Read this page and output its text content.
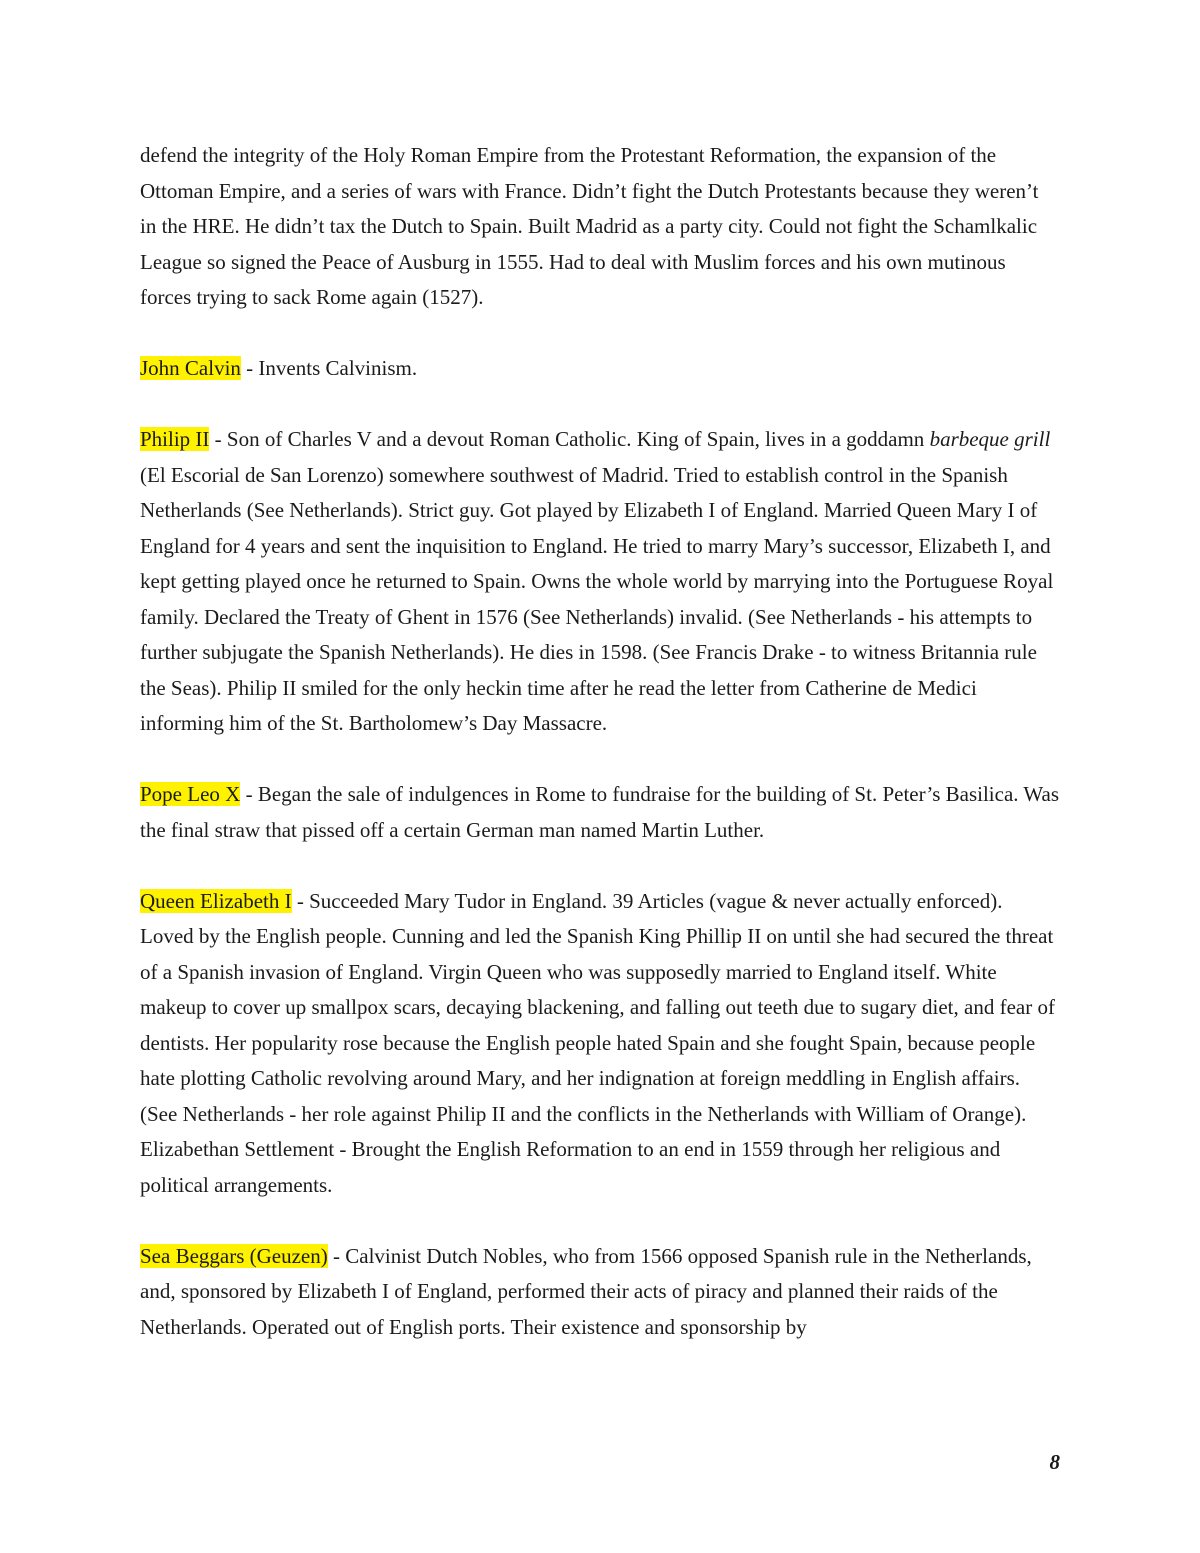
defend the integrity of the Holy Roman Empire from the Protestant Reformation, the expansion of the Ottoman Empire, and a series of wars with France. Didn’t fight the Dutch Protestants because they weren’t in the HRE. He didn’t tax the Dutch to Spain. Built Madrid as a party city. Could not fight the Schamlkalic League so signed the Peace of Ausburg in 1555. Had to deal with Muslim forces and his own mutinous forces trying to sack Rome again (1527).

John Calvin - Invents Calvinism.

Philip II - Son of Charles V and a devout Roman Catholic. King of Spain, lives in a goddamn barbeque grill (El Escorial de San Lorenzo) somewhere southwest of Madrid. Tried to establish control in the Spanish Netherlands (See Netherlands). Strict guy. Got played by Elizabeth I of England. Married Queen Mary I of England for 4 years and sent the inquisition to England. He tried to marry Mary’s successor, Elizabeth I, and kept getting played once he returned to Spain. Owns the whole world by marrying into the Portuguese Royal family. Declared the Treaty of Ghent in 1576 (See Netherlands) invalid. (See Netherlands - his attempts to further subjugate the Spanish Netherlands). He dies in 1598. (See Francis Drake - to witness Britannia rule the Seas). Philip II smiled for the only heckin time after he read the letter from Catherine de Medici informing him of the St. Bartholomew’s Day Massacre.

Pope Leo X - Began the sale of indulgences in Rome to fundraise for the building of St. Peter’s Basilica. Was the final straw that pissed off a certain German man named Martin Luther.

Queen Elizabeth I - Succeeded Mary Tudor in England. 39 Articles (vague & never actually enforced). Loved by the English people. Cunning and led the Spanish King Phillip II on until she had secured the threat of a Spanish invasion of England. Virgin Queen who was supposedly married to England itself. White makeup to cover up smallpox scars, decaying blackening, and falling out teeth due to sugary diet, and fear of dentists. Her popularity rose because the English people hated Spain and she fought Spain, because people hate plotting Catholic revolving around Mary, and her indignation at foreign meddling in English affairs. (See Netherlands - her role against Philip II and the conflicts in the Netherlands with William of Orange). Elizabethan Settlement - Brought the English Reformation to an end in 1559 through her religious and political arrangements.

Sea Beggars (Geuzen) - Calvinist Dutch Nobles, who from 1566 opposed Spanish rule in the Netherlands, and, sponsored by Elizabeth I of England, performed their acts of piracy and planned their raids of the Netherlands. Operated out of English ports. Their existence and sponsorship by

8
